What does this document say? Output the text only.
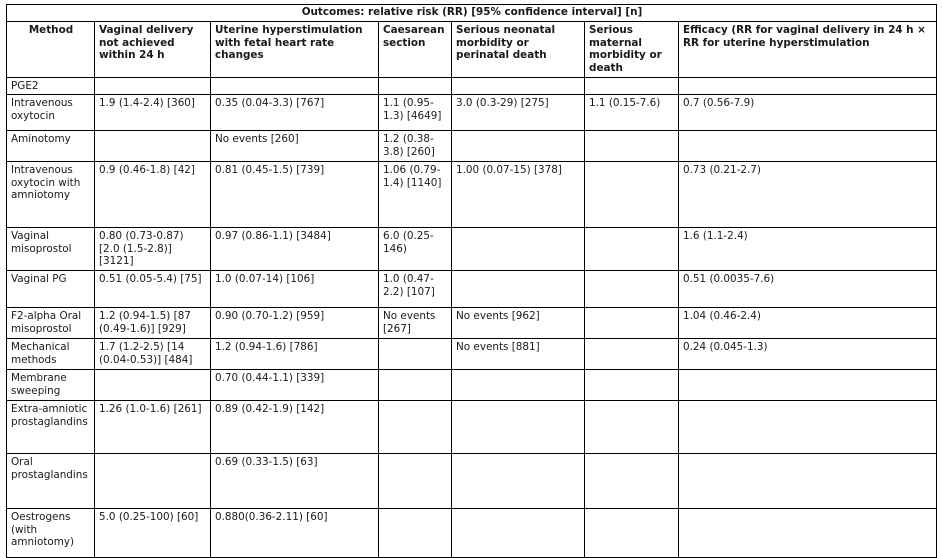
Outcomes: relative risk (RR) [95% confidence interval] [n]						
Method	Vaginal delivery not achieved within 24 h	Uterine hyperstimulation with fetal heart rate changes	Caesarean section	Serious neonatal morbidity or perinatal death	Serious maternal morbidity or death	Efficacy (RR for vaginal delivery in 24 h × RR for uterine hyperstimulation
PGE2						
Intravenous oxytocin	1.9 (1.4-2.4) [360]	0.35 (0.04-3.3) [767]	1.1 (0.95-1.3) [4649]	3.0 (0.3-29) [275]	1.1 (0.15-7.6)	0.7 (0.56-7.9)
Aminotomy		No events [260]	1.2 (0.38-3.8) [260]			
Intravenous oxytocin with amniotomy	0.9 (0.46-1.8) [42]	0.81 (0.45-1.5) [739]	1.06 (0.79-1.4) [1140]	1.00 (0.07-15) [378]		0.73 (0.21-2.7)
Vaginal misoprostol	0.80 (0.73-0.87) [2.0 (1.5-2.8)] [3121]	0.97 (0.86-1.1) [3484]	6.0 (0.25-146)			1.6 (1.1-2.4)
Vaginal PG	0.51 (0.05-5.4) [75]	1.0 (0.07-14) [106]	1.0 (0.47-2.2) [107]			0.51 (0.0035-7.6)
F2-alpha Oral misoprostol	1.2 (0.94-1.5) [87 (0.49-1.6)] [929]	0.90 (0.70-1.2) [959]	No events [267]	No events [962]		1.04 (0.46-2.4)
Mechanical methods	1.7 (1.2-2.5) [14 (0.04-0.53)] [484]	1.2 (0.94-1.6) [786]		No events [881]		0.24 (0.045-1.3)
Membrane sweeping		0.70 (0.44-1.1) [339]				
Extra-amniotic prostaglandins	1.26 (1.0-1.6) [261]	0.89 (0.42-1.9) [142]				
Oral prostaglandins		0.69 (0.33-1.5) [63]				
Oestrogens (with amniotomy)	5.0 (0.25-100) [60]	0.880(0.36-2.11) [60]				
